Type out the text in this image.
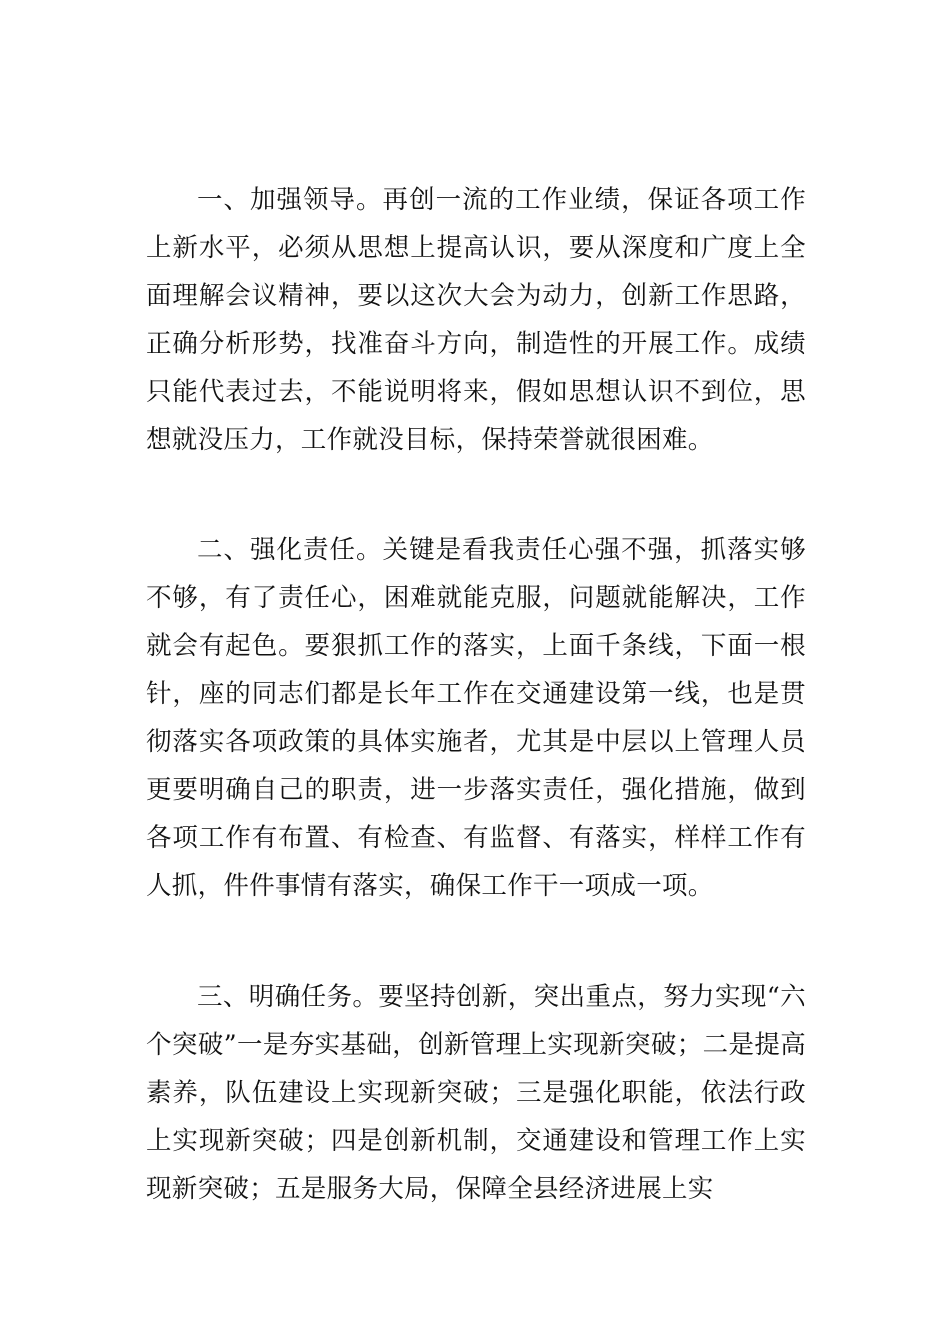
一、加强领导。再创一流的工作业绩，保证各项工作上新水平，必须从思想上提高认识，要从深度和广度上全面理解会议精神，要以这次大会为动力，创新工作思路，正确分析形势，找准奋斗方向，制造性的开展工作。成绩只能代表过去，不能说明将来，假如思想认识不到位，思想就没压力，工作就没目标，保持荣誉就很困难。

二、强化责任。关键是看我责任心强不强，抓落实够不够，有了责任心，困难就能克服，问题就能解决，工作就会有起色。要狠抓工作的落实，上面千条线，下面一根针，座的同志们都是长年工作在交通建设第一线，也是贯彻落实各项政策的具体实施者，尤其是中层以上管理人员更要明确自己的职责，进一步落实责任，强化措施，做到各项工作有布置、有检查、有监督、有落实，样样工作有人抓，件件事情有落实，确保工作干一项成一项。

三、明确任务。要坚持创新，突出重点，努力实现“六个突破”一是夯实基础，创新管理上实现新突破；二是提高素养，队伍建设上实现新突破；三是强化职能，依法行政上实现新突破；四是创新机制，交通建设和管理工作上实现新突破；五是服务大局，保障全县经济进展上实
